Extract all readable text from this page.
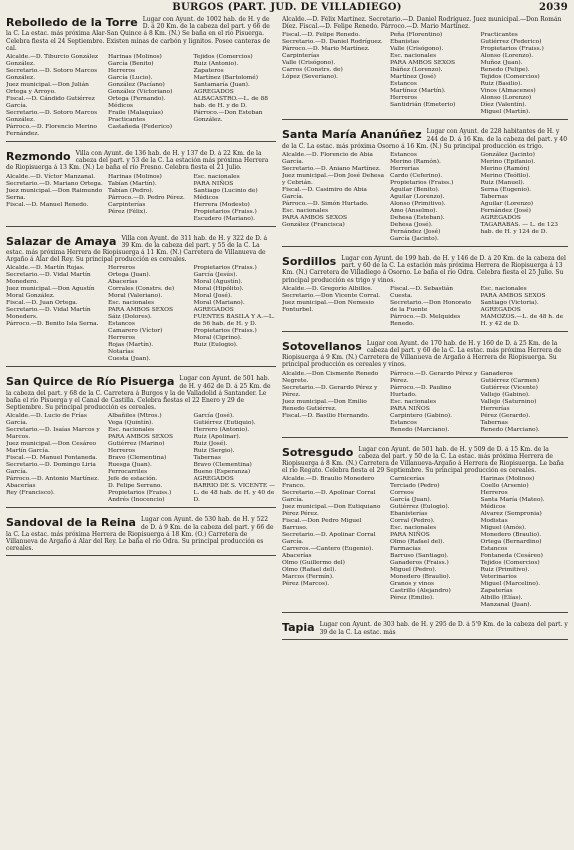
BURGOS (PART. JUD. DE VILLADIEGO)	2039
Rebolledo de la Torre Lugar con Ayunt. de 1002 hab. de H. y de D. á 20 Km. de la cabeza del part. y 66 de la C. La estac. más próxima Alar-San Quince á 8 Km. (N.) Se baña en el río Pisuerga. Celebra fiesta el 24 Septiembre. Existen minas de carbón y lignitos. Posee canteras de cal.
Alcalde.—D. Tiburcio González González.
Secretario.—D. Sotoro Marcos González.
Juez municipal.—Don Julián Ortega y Arroyo.
Fiscal.—D. Cándido Gutiérrez García.
Secretario.—D. Sotoro Marcos González.
Párroco.—D. Florencio Merino Fernández.
Harinas (Molinos)
García (Benito)
Herreros
García (Lucio).
González (Pacíano)
González (Victoriano)
Ortega (Fernando).
Médicos
Fraile (Malaquías)
Practicantes
Castañeda (Federico)
Tejidos (Comercios)
Ruiz (Antonio).
Zapateros
Martínez (Bartolomé)
Santamaría (Juan).
AGREGADOS
ALBACASTRO.—L. de 88 hab. de H. y de D.
Párroco.—Don Esteban González.
Rezmondo Villa con Ayunt. de 136 hab. de H. y 137 de D. á 22 Km. de la cabeza del part. y 53 de la C. La estación más próxima Herrera de Riopisuerga á 13 Km. (N.) Le baña el río Fresno. Celebra fiesta el 21 Julio.
Alcalde.—D. Víctor Manzanal.
Secretario.—D. Mariano Ortega.
Juez municipal.—Don Raimundo Serna.
Fiscal.—D. Manuel Renedo.
Harinas (Molinos)
Tabían (Martín).
Tabían (Pedro).
Párroco.—D. Pedro Pérez.
Carpinterías
Pérez (Félix).
Esc. nacionales
PARA NIÑOS
Santiago (Lucinio de)
Médicos
Herrera (Modesto)
Propietarios (Fraiss.)
Escudero (Mariano).
Salazar de Amaya Villa con Ayunt. de 311 hab. de H. y 322 de D. á 39 Km. de la cabeza del part. y 55 de la C. La estac. más próxima Herrera de Riopisuerga á 11 Km. (N.) Carretera de Villanueva de Argaño á Alar del Rey. Su principal producción es cereales.
Alcalde.—D. Martín Rojas.
Secretario.—D. Vidal Martín Monedero.
Juez municipal.—Don Agustín Moral González.
Fiscal.—D. Juan Ortega.
Secretario.—D. Vidal Martín Moneders.
Párroco.—D. Benito Isla Serna.
Herreros
Ortega (Juan).
Abacerías
Corrales (Constrs. de)
Moral (Valeriano).
Esc. nacionales
PARA AMBOS SEXOS
Sáiz (Dolores).
Estancos
Camarero (Víctor)
Herreros
Rojas (Martín).
Notarías
Cuesta (Juan).
Propietarios (Fraiss.)
García (Jesús).
Moral (Agustín).
Moral (Hipólito).
Moral (José).
Moral (Mariano).
AGREGADOS
FUENTES BASILA Y A.—L. de 56 hab. de H. y D.
Propietarios (Fraiss.)
Moral (Ciprino).
Ruiz (Eulogio).
San Quirce de Río Pisuerga Lugar con Ayunt. de 501 hab. de H. y 462 de D. á 25 Km. de la cabeza del part. y 68 de la C. Carretera á Burgos y la de Valladolid á Santander. Le baña el río Pisuerga y el Canal de Castilla. Celebra fiestas el 22 Enero y 29 de Septiembre. Su principal producción es cereales.
Alcalde.—D. Lucio de Frías García.
Secretario.—D. Isaías Marcos y Marcos.
Juez municipal.—Don Cesáreo Martín García.
Fiscal.—D. Manuel Fontaneda.
Secretario.—D. Domingo Liria García.
Párroco.—D. Antonio Martínez.
Abacerías
Rey (Francisco).
Albañiles (Mtros.)
Vega (Quintín).
Esc. nacionales
PARA AMBOS SEXOS
Gutiérrez (Marino)
Herreros
Bravo (Clementina)
Ruesga (Juan).
Ferrocarriles
Jefe de estación.
D. Felipe Serrano.
Propietarios (Fraiss.)
Andrés (Inocencio)
García (José).
Gutiérrez (Eutiquio).
Herrero (Antonio).
Ruiz (Apolinar).
Ruiz (José).
Ruiz (Sergio).
Tabernas
Bravo (Clementina)
Bueno (Esperanza)
AGREGADOS
BARRIO DE S. VICENTE —L. de 48 hab. de H. y 40 de D.
Sandoval de la Reina Lugar con Ayunt. de 530 hab. de H. y 522 de D. á 9 Km. de la cabeza del part. y 66 de la C. La estac. más próxima Herrera de Riopisuerga á 18 Km. (O.) Carretera de Villanueva de Argaño á Alar del Rey. Le baña el río Odra. Su principal producción es cereales.
Alcalde.—D. Félix Martínez. Secretario.—D. Daniel Rodríguez. Juez municipal.—Don Román Díez. Fiscal.—D. Felipe Renedo. Párroco.—D. Mario Martínez.
Fiscal.—D. Felipe Renedo.
Secretario.—D. Daniel Rodríguez.
Párroco.—D. Mario Martínez.
Carpinterías
Valle (Crisógono).
Carros (Constrs. de)
López (Severiano).
Peña (Florentino)
Ebanistas
Valle (Crisógono).
Esc. nacionales
PARA AMBOS SEXOS
Ibáñez (Lorenzo).
Martínez (José)
Estancos
Martínez (Martín).
Herreros
Santidrián (Emeterio)
Practicantes
Gutiérrez (Federico)
Propietarios (Fraiss.)
Alonso (Lorenzo).
Muñoz (Juan).
Renedo (Felipe).
Tejidos (Comercios)
Ruiz (Basilio).
Vinos (Almacenes)
Alonso (Lorenzo)
Díez (Valentín).
Miguel (Martín).
Santa María Ananúñez Lugar con Ayunt. de 228 habitantes de H. y 244 de D. á 16 Km. de la cabeza del part. y 40 de la C. La estac. más próxima Osorno á 16 Km. (N.) Su principal producción es trigo.
Alcalde.—D. Florencio de Abia García.
Secretario.—D. Aniano Martínez.
Juez municipal.—Don José Dehesa y Cebrián.
Fiscal.—D. Casimiro de Abia García.
Párroco.—D. Simón Hurtado.
Esc. nacionales
PARA AMBOS SEXOS
González (Francisca)
Estancos
Merino (Ramón).
Herrerías
Cardo (Ceferino).
Propietarios (Fraiss.)
Aguilar (Benito).
Aguilar (Lorenzo).
Alonso (Primitivo).
Amo (Anselmo).
Dehesa (Esteban).
Dehesa (José).
Fernández (José)
García (Jacinto).
González (Jacinto)
Merino (Epifanio).
Merino (Ramón)
Merino (Teófilo).
Ruiz (Manuel).
Serna (Eugenio).
Tabernas
Aguilar (Lorenzo)
Fernández (José)
AGREGADOS
TAGARABAS. — L. de 123 hab. de H. y 124 de D.
Sordillos Lugar con Ayunt. de 199 hab. de H. y 146 de D. á 20 Km. de la cabeza del part. y 60 de la C. La estación más próxima Herrera de Riopisuerga á 13 Km. (N.) Carretera de Villadiego á Osorno. Le baña el río Odra. Celebra fiesta el 25 Julio. Su principal producción es trigo y vinos.
Alcalde.—D. Gregorio Albillos.
Secretario.—Don Vicente Corral.
Juez municipal.—Don Nemesio Fonturbel.
Fiscal.—D. Sebastián Cuesta.
Secretario.—Don Honorato de la Fuente
Párroco.—D. Melquides Renedo.
Esc. nacionales
PARA AMBOS SEXOS
Santiago (Victoria).
AGREGADOS
MAMOZOS.—L. de 48 h. de H. y 42 de D.
Sotovellanos Lugar con Ayunt. de 170 hab. de H. y 160 de D. á 25 Km. de la cabeza del part. y 60 de la C. La estac. más próxima Herrera de Riopisuerga á 9 Km. (N.) Carretera de Villanueva de Argaño á Herrera de Riopisuerga. Su principal producción es cereales y vinos.
Alcalde.—Don Cismente Renedo Negrete.
Secretario.—D. Gerardo Pérez y Pérez.
Juez municipal.—Don Emilio Renedo Gutiérrez.
Fiscal.—D. Basilio Hernando.
Párroco.—D. Gerardo Pérez y Pérez.
Párroco.—D. Paulino Hurtado.
Esc. nacionales
PARA NIÑOS
Carpintero (Gabino).
Estancos
Renedo (Marciano).
Ganaderos
Gutiérrez (Carmen)
Gutiérrez (Vicente)
Vallejo (Gabino).
Vallejo (Saturnino)
Herrerías
Pérez (Gerardo).
Tabernas
Renedo (Marciano).
Sotresgudo Lugar con Ayunt. de 501 hab. de H. y 509 de D. á 15 Km. de la cabeza del part. y 50 de la C. La estac. más próxima Herrera de Riopisuerga á 8 Km. (N.) Carretera de Villanueva-Argaño á Herrera de Riopisuerga. Le baña el río Regato. Celebra fiesta el 29 Septiembre. Su principal producción es cereales.
Alcalde.—D. Braulio Monedero Franco.
Secretario.—D. Apolinar Corral García.
Juez municipal.—Don Eutiquiano Pérez Pérez.
Fiscal.—Don Pedro Miguel Barruso.
Secretario.—D. Apolinar Corral García.
Carreros.—Cantero (Eugenio).
Abacerías
Olmo (Guillermo del)
Olmo (Rafael del).
Marcos (Fermín).
Pérez (Marcos).
Carnicerías
Terciado (Pedro)
Correos
García (Juan).
Gutiérrez (Eulogio).
Ebanisterías
Corral (Pedro).
Esc. nacionales
PARA NIÑOS
Olmo (Rafael del).
Farmacias
Barruso (Santiago).
Ganaderos (Fraiss.)
Miguel (Pedro).
Monedero (Braulio).
Granos y vinos
Castrillo (Alejandro)
Pérez (Emilio).
Harinas (Molinos)
Coello (Arsenio)
Herreros
Santa María (Mateo).
Médicos
Alvarez (Sempronia)
Modistas
Miguel (Amós).
Monedero (Braulio).
Ortega (Bernardino)
Estancos
Fontaneda (Cesáreo)
Tejidos (Comercios)
Ruiz (Primitivo).
Veterinarios
Miguel (Marcelino).
Zapaterías
Albillo (Elías).
Manzanal (Juan).
Tapia Lugar con Ayunt. de 303 hab. de H. y 295 de D. á 5'9 Km. de la cabeza del part. y 39 de la C. La estac. más
